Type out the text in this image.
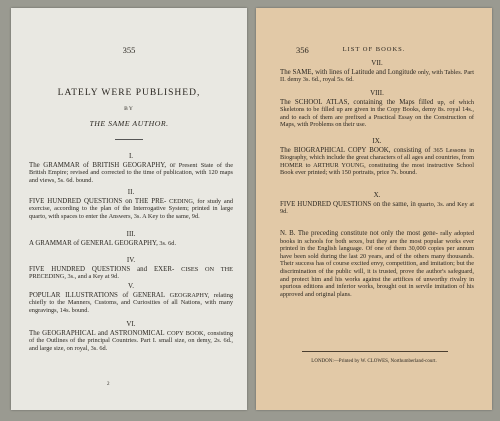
355
LATELY WERE PUBLISHED,
BY
THE SAME AUTHOR.
I.
The GRAMMAR of BRITISH GEOGRAPHY, or Present State of the British Empire; revised and corrected to the time of publication, with 120 maps and views, 5s. 6d. bound.
II.
FIVE HUNDRED QUESTIONS on THE PRE- CEDING, for study and exercise, according to the plan of the Interrogative System; printed in large quarto, with spaces to enter the Answers, 3s. A Key to the same, 9d.
III.
A GRAMMAR of GENERAL GEOGRAPHY, 3s. 6d.
IV.
FIVE HUNDRED QUESTIONS and EXER- CISES ON THE PRECEDING, 3s., and a Key at 9d.
V.
POPULAR ILLUSTRATIONS of GENERAL GEOGRAPHY, relating chiefly to the Manners, Customs, and Curiosities of all Nations, with many engravings, 14s. bound.
VI.
The GEOGRAPHICAL and ASTRONOMICAL COPY BOOK, consisting of the Outlines of the principal Countries. Part I. small size, on demy, 2s. 6d., and large size, on royal, 3s. 6d.
2
356	LIST OF BOOKS.
VII.
The SAME, with lines of Latitude and Longitude only, with Tables. Part II. demy 3s. 6d., royal 5s. 6d.
VIII.
The SCHOOL ATLAS, containing the Maps filled up, of which Skeletons to be filled up are given in the Copy Books, demy 8s. royal 14s., and to each of them are prefixed a Practical Essay on the Construction of Maps, with Problems on their use.
IX.
The BIOGRAPHICAL COPY BOOK, consisting of 365 Lessons in Biography, which include the great characters of all ages and countries, from HOMER to ARTHUR YOUNG, constituting the most instructive School Book ever printed; with 150 portraits, price 7s. bound.
X.
FIVE HUNDRED QUESTIONS on the same, in quarto, 3s. and Key at 9d.
N. B. The preceding constitute not only the most gene- rally adopted books in schools for both sexes, but they are the most popular works ever printed in the English language. Of one of them 30,000 copies per annum have been sold during the last 20 years, and of the others many thousands. Their success has of course excited envy, competition, and imitation; but the discrimination of the public will, it is trusted, prove the author's safeguard, and protect him and his works against the artifices of unworthy rivalry in spurious editions and inferior works, brought out in servile imitation of his approved and original plans.
LONDON:—Printed by W. CLOWES, Northumberland-court.
